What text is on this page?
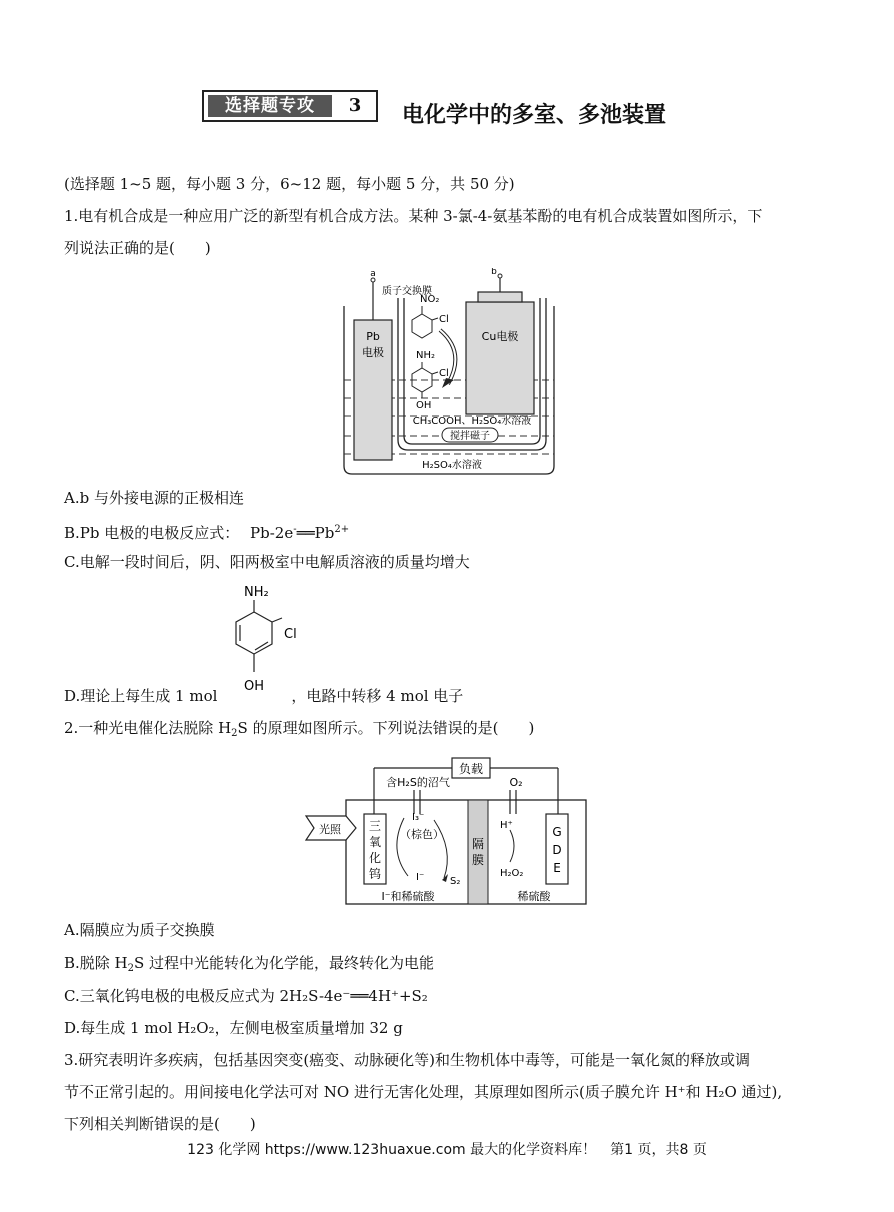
选择题专攻	3	电化学中的多室、多池装置
(选择题 1~5 题，每小题 3 分，6~12 题，每小题 5 分，共 50 分)
1.电有机合成是一种应用广泛的新型有机合成方法。某种 3-氯-4-氨基苯酚的电有机合成装置如图所示，下
列说法正确的是(　　)
a
质子交换膜
Pb
电极
b
Cu电极
NO₂
Cl
NH₂
Cl
OH
CH₃COOH、H₂SO₄水溶液
搅拌磁子
H₂SO₄水溶液
A.b 与外接电源的正极相连
B.Pb 电极的电极反应式： $Pb-2e^-══Pb^{2+}$
C.电解一段时间后，阴、阳两极室中电解质溶液的质量均增大
NH₂
Cl
OH
D.理论上每生成 1 mol	，电路中转移 4 mol 电子
2.一种光电催化法脱除 $H_2S$ 的原理如图所示。下列说法错误的是(　　)
负载
隔
膜
含H₂S的沼气	O₂
三
氧
化
钨
光照
I₃⁻
（棕色）
S₂
I⁻
I⁻和稀硫酸
G
D
E
H⁺
H₂O₂
稀硫酸
A.隔膜应为质子交换膜
B.脱除 $H_2S$ 过程中光能转化为化学能，最终转化为电能
C.三氧化钨电极的电极反应式为 2H₂S-4e⁻══4H⁺+S₂
D.每生成 1 mol H₂O₂，左侧电极室质量增加 32 g
3.研究表明许多疾病，包括基因突变(癌变、动脉硬化等)和生物机体中毒等，可能是一氧化氮的释放或调
节不正常引起的。用间接电化学法可对 NO 进行无害化处理，其原理如图所示(质子膜允许 H⁺和 H₂O 通过),
下列相关判断错误的是(　　)
123 化学网 https://www.123huaxue.com 最大的化学资料库！　第1 页，共8 页
